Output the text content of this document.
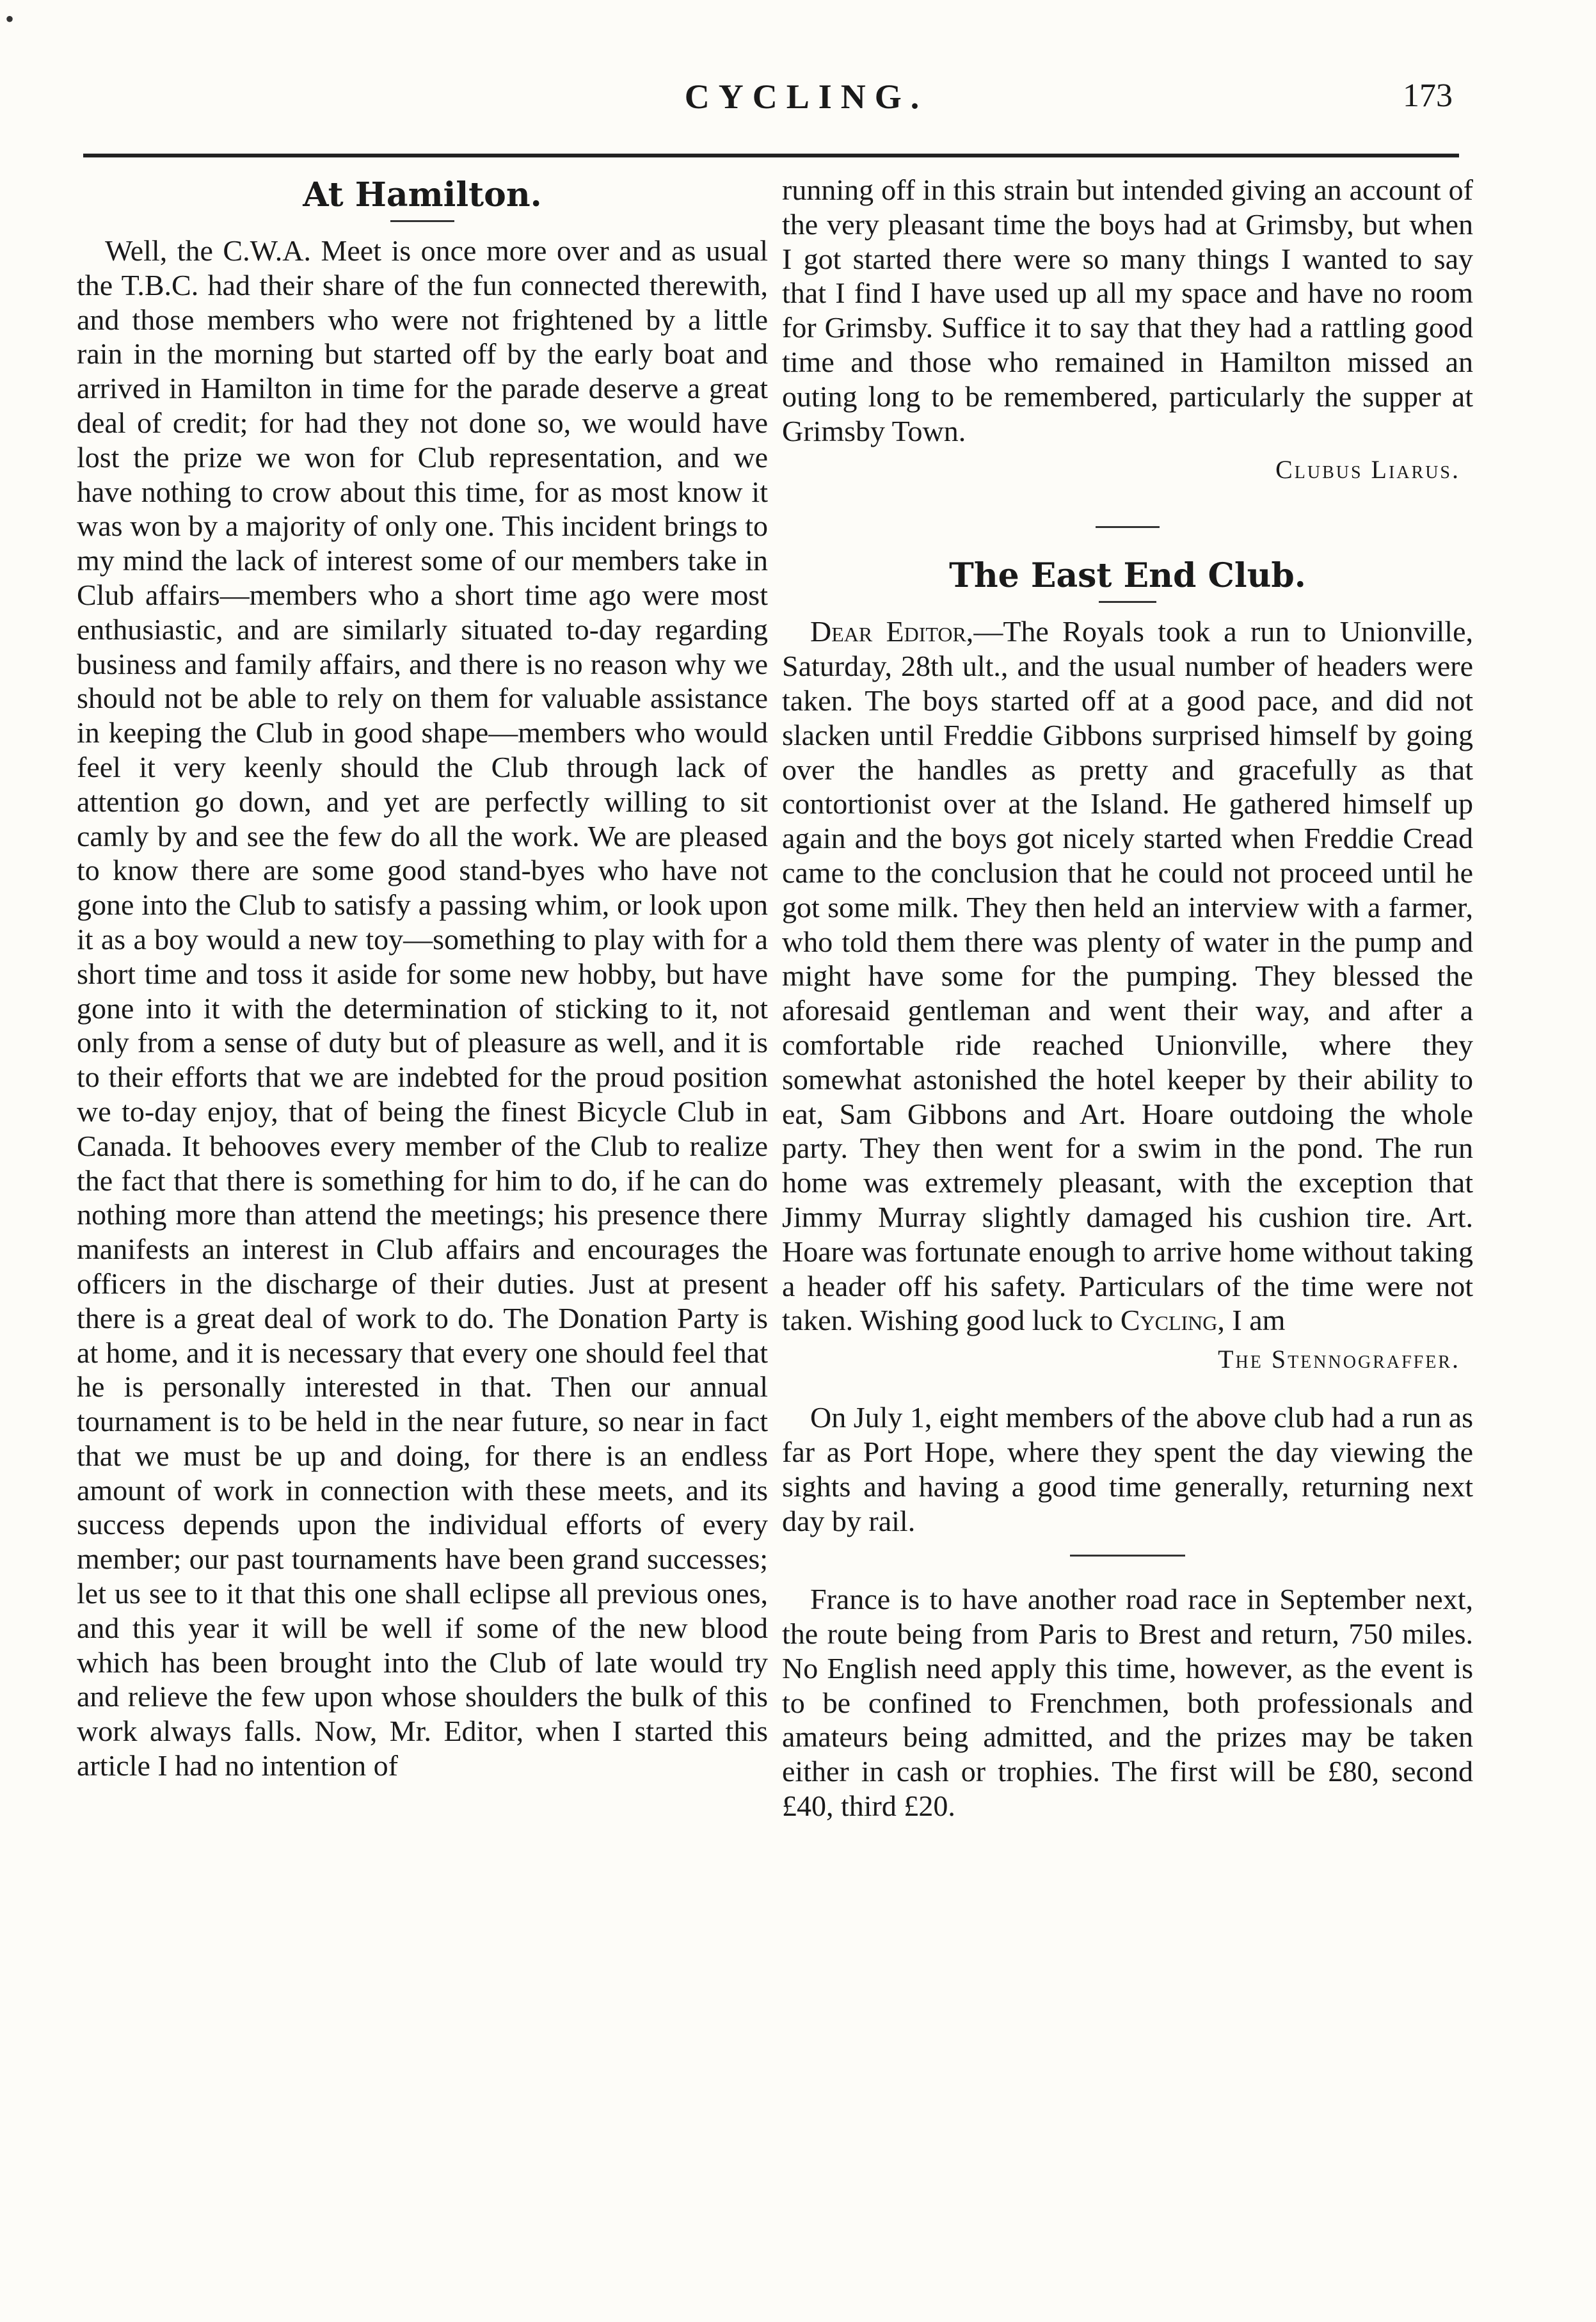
CYCLING.	173
At Hamilton.

Well, the C.W.A. Meet is once more over and as usual the T.B.C. had their share of the fun connected therewith, and those members who were not frightened by a little rain in the morning but started off by the early boat and arrived in Hamilton in time for the parade deserve a great deal of credit; for had they not done so, we would have lost the prize we won for Club representation, and we have nothing to crow about this time, for as most know it was won by a majority of only one. This incident brings to my mind the lack of interest some of our members take in Club affairs—members who a short time ago were most enthusiastic, and are similarly situated to-day regarding business and family affairs, and there is no reason why we should not be able to rely on them for valuable assistance in keeping the Club in good shape—members who would feel it very keenly should the Club through lack of attention go down, and yet are perfectly willing to sit camly by and see the few do all the work. We are pleased to know there are some good stand-byes who have not gone into the Club to satisfy a passing whim, or look upon it as a boy would a new toy—something to play with for a short time and toss it aside for some new hobby, but have gone into it with the determination of sticking to it, not only from a sense of duty but of pleasure as well, and it is to their efforts that we are indebted for the proud position we to-day enjoy, that of being the finest Bicycle Club in Canada. It behooves every member of the Club to realize the fact that there is something for him to do, if he can do nothing more than attend the meetings; his presence there manifests an interest in Club affairs and encourages the officers in the discharge of their duties. Just at present there is a great deal of work to do. The Donation Party is at home, and it is necessary that every one should feel that he is personally interested in that. Then our annual tournament is to be held in the near future, so near in fact that we must be up and doing, for there is an endless amount of work in connection with these meets, and its success depends upon the individual efforts of every member; our past tournaments have been grand successes; let us see to it that this one shall eclipse all previous ones, and this year it will be well if some of the new blood which has been brought into the Club of late would try and relieve the few upon whose shoulders the bulk of this work always falls. Now, Mr. Editor, when I started this article I had no intention of

running off in this strain but intended giving an account of the very pleasant time the boys had at Grimsby, but when I got started there were so many things I wanted to say that I find I have used up all my space and have no room for Grimsby. Suffice it to say that they had a rattling good time and those who remained in Hamilton missed an outing long to be remembered, particularly the supper at Grimsby Town.

Clubus Liarus.
The East End Club.

Dear Editor,—The Royals took a run to Unionville, Saturday, 28th ult., and the usual number of headers were taken. The boys started off at a good pace, and did not slacken until Freddie Gibbons surprised himself by going over the handles as pretty and gracefully as that contortionist over at the Island. He gathered himself up again and the boys got nicely started when Freddie Cread came to the conclusion that he could not proceed until he got some milk. They then held an interview with a farmer, who told them there was plenty of water in the pump and might have some for the pumping. They blessed the aforesaid gentleman and went their way, and after a comfortable ride reached Unionville, where they somewhat astonished the hotel keeper by their ability to eat, Sam Gibbons and Art. Hoare outdoing the whole party. They then went for a swim in the pond. The run home was extremely pleasant, with the exception that Jimmy Murray slightly damaged his cushion tire. Art. Hoare was fortunate enough to arrive home without taking a header off his safety. Particulars of the time were not taken. Wishing good luck to Cycling, I am

The Stennograffer.

On July 1, eight members of the above club had a run as far as Port Hope, where they spent the day viewing the sights and having a good time generally, returning next day by rail.

France is to have another road race in September next, the route being from Paris to Brest and return, 750 miles. No English need apply this time, however, as the event is to be confined to Frenchmen, both professionals and amateurs being admitted, and the prizes may be taken either in cash or trophies. The first will be £80, second £40, third £20.

•
